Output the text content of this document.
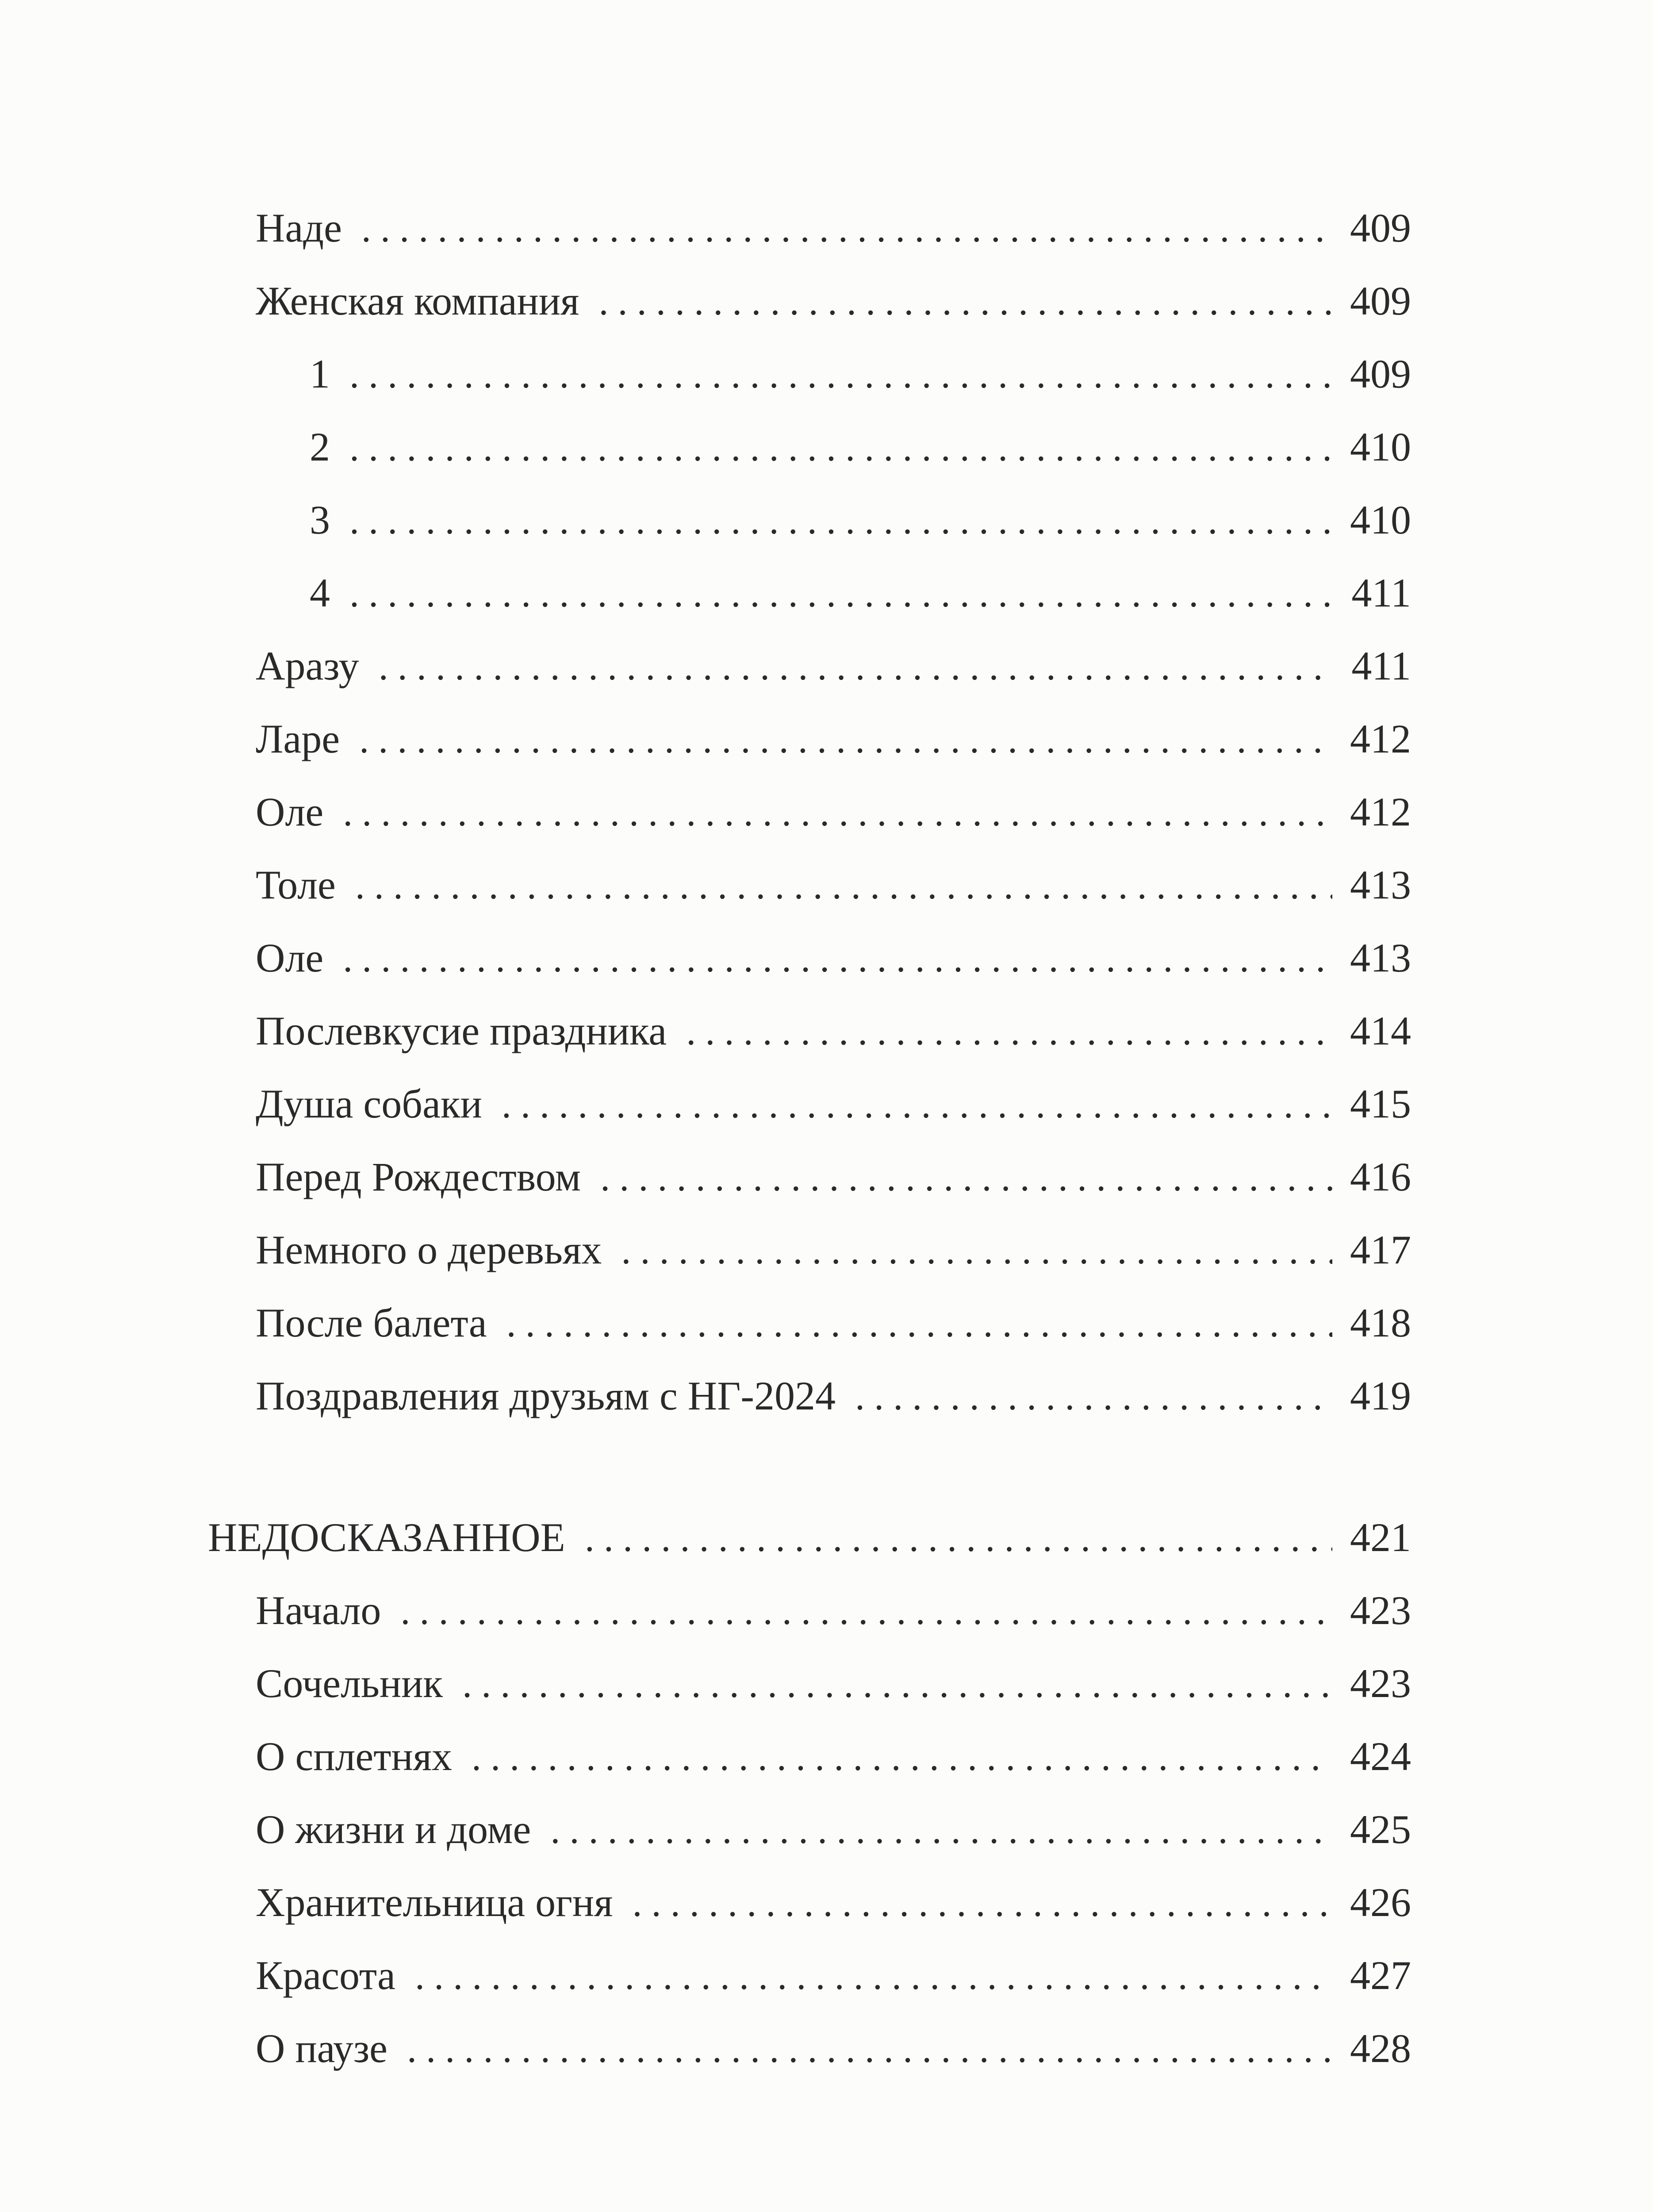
Наде .....	409
Женская компания .....	409
1 .....	409
2 .....	410
3 .....	410
4 .....	411
Аразу .....	411
Ларе .....	412
Оле .....	412
Толе .....	413
Оле .....	413
Послевкусие праздника .....	414
Душа собаки .....	415
Перед Рождеством .....	416
Немного о деревьях .....	417
После балета .....	418
Поздравления друзьям с НГ-2024 .....	419
НЕДОСКАЗАННОЕ .....	421
Начало .....	423
Сочельник .....	423
О сплетнях .....	424
О жизни и доме .....	425
Хранительница огня .....	426
Красота .....	427
О паузе .....	428
